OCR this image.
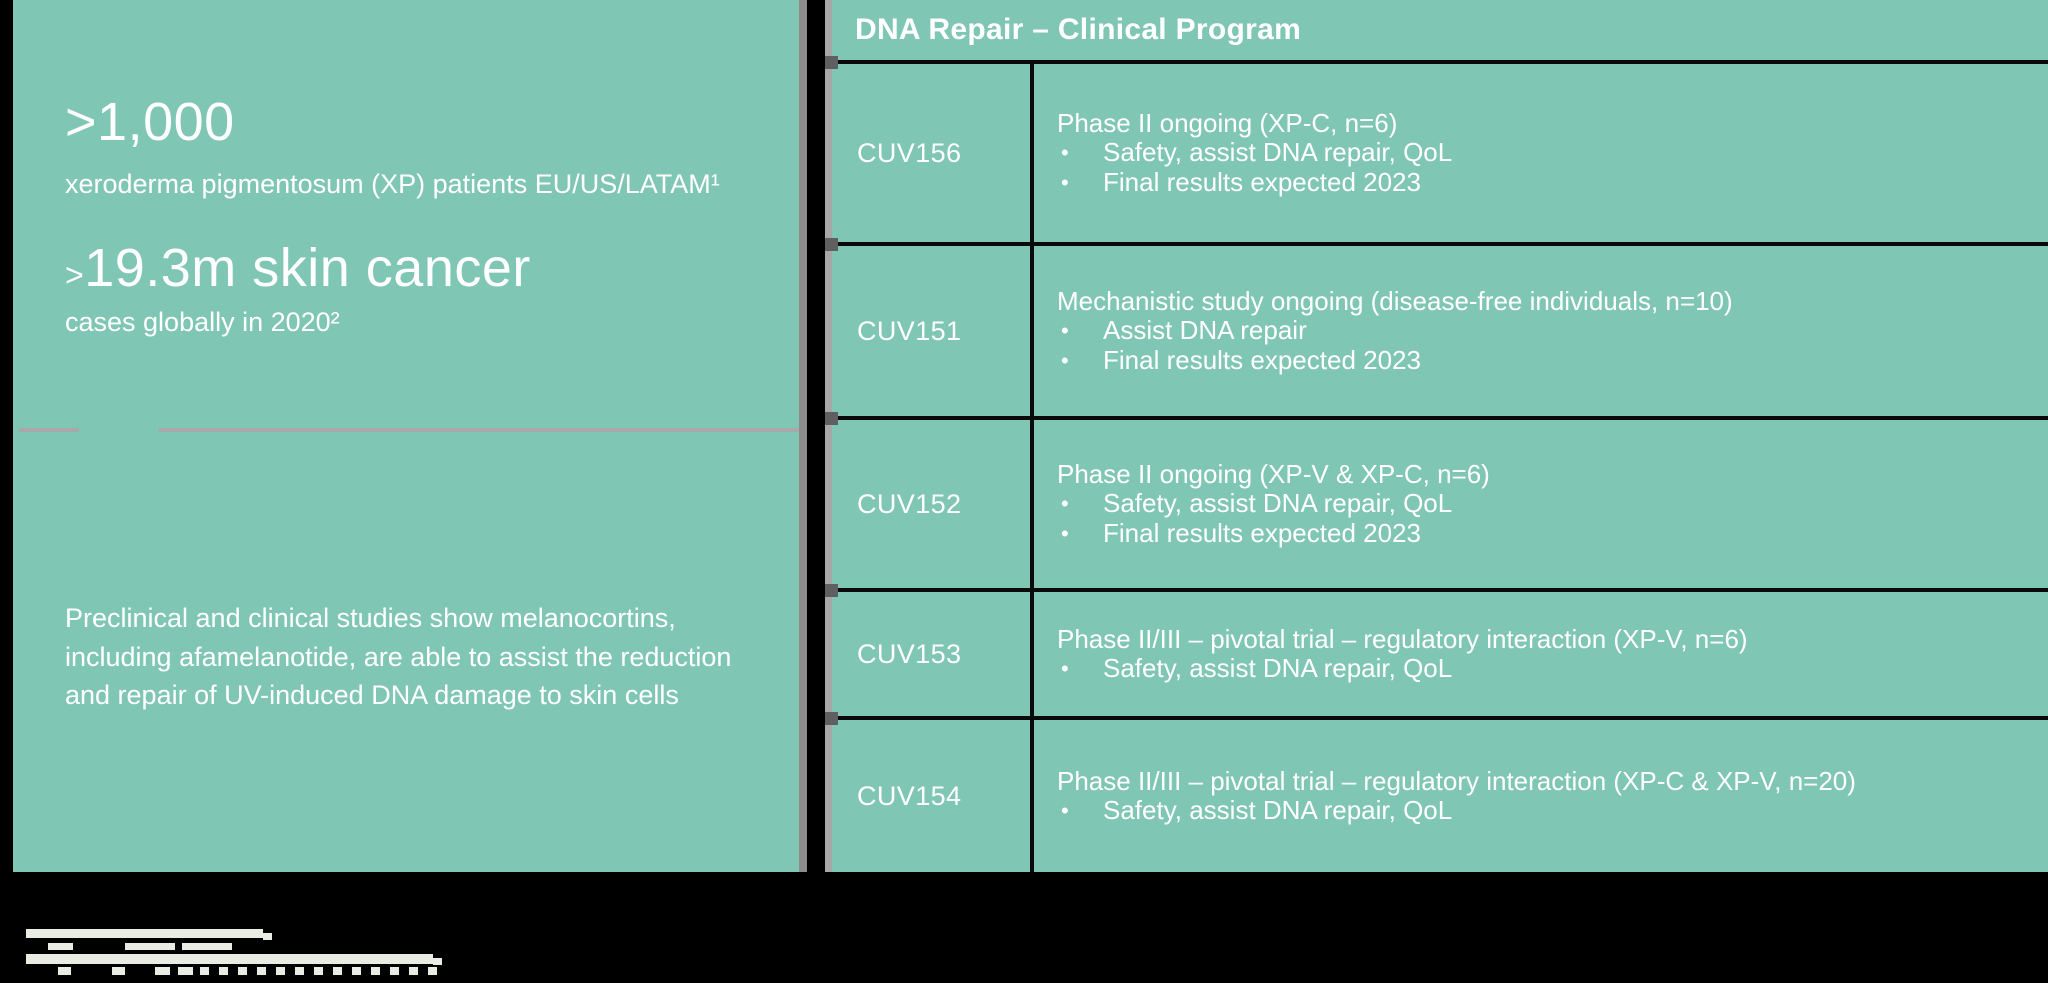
>1,000
xeroderma pigmentosum (XP) patients EU/US/LATAM¹
>19.3m skin cancer
cases globally in 2020²
Preclinical and clinical studies show melanocortins,
including afamelanotide, are able to assist the reduction
and repair of UV-induced DNA damage to skin cells
DNA Repair – Clinical Program
CUV156
Phase II ongoing (XP-C, n=6)
• Safety, assist DNA repair, QoL
• Final results expected 2023
CUV151
Mechanistic study ongoing (disease-free individuals, n=10)
• Assist DNA repair
• Final results expected 2023
CUV152
Phase II ongoing (XP-V & XP-C, n=6)
• Safety, assist DNA repair, QoL
• Final results expected 2023
CUV153	Phase II/III – pivotal trial – regulatory interaction (XP-V, n=6)
• Safety, assist DNA repair, QoL
CUV154	Phase II/III – pivotal trial – regulatory interaction (XP-C & XP-V, n=20)
• Safety, assist DNA repair, QoL
